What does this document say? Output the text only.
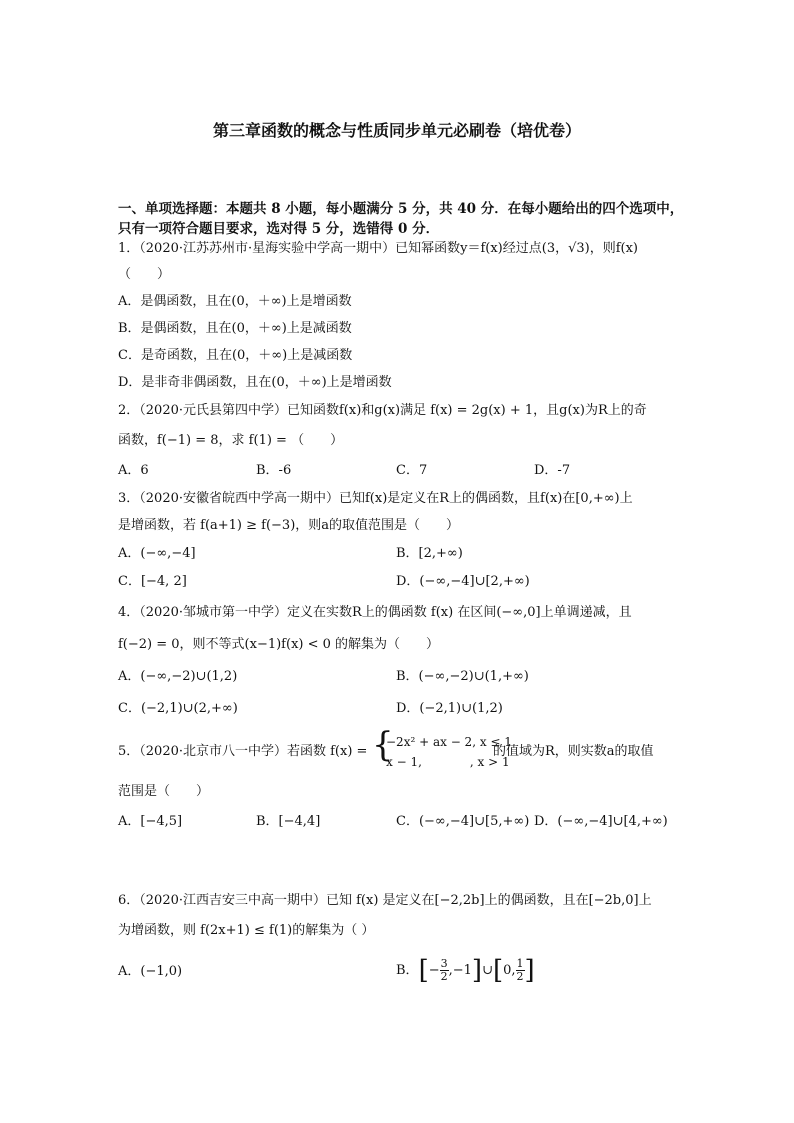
第三章函数的概念与性质同步单元必刷卷（培优卷）
一、单项选择题：本题共 8 小题，每小题满分 5 分，共 40 分．在每小题给出的四个选项中，
只有一项符合题目要求，选对得 5 分，选错得 0 分．
1．（2020·江苏苏州市·星海实验中学高一期中）已知幂函数y＝f(x)经过点(3，√3)，则f(x)
（　　）
A．是偶函数，且在(0，＋∞)上是增函数
B．是偶函数，且在(0，＋∞)上是减函数
C．是奇函数，且在(0，＋∞)上是减函数
D．是非奇非偶函数，且在(0，＋∞)上是增函数
2．（2020·元氏县第四中学）已知函数f(x)和g(x)满足 f(x) = 2g(x) + 1，且g(x)为R上的奇
函数，f(−1) = 8，求 f(1) = （　　）
A．6	B．-6	C．7	D．-7
3．（2020·安徽省皖西中学高一期中）已知f(x)是定义在R上的偶函数，且f(x)在[0,+∞)上
是增函数，若 f(a+1) ≥ f(−3)，则a的取值范围是（　　）
A．(−∞,−4]	B．[2,+∞)
C．[−4, 2]	D．(−∞,−4]∪[2,+∞)
4．（2020·邹城市第一中学）定义在实数R上的偶函数 f(x) 在区间(−∞,0]上单调递减，且
f(−2) = 0，则不等式(x−1)f(x) < 0 的解集为（　　）
A．(−∞,−2)∪(1,2)	B．(−∞,−2)∪(1,+∞)
C．(−2,1)∪(2,+∞)	D．(−2,1)∪(1,2)
5．（2020·北京市八一中学）若函数 f(x) = {
−2x² + ax − 2, x ≤ 1
x − 1,　　　　, x > 1
的值域为R，则实数a的取值
范围是（　　）
A．[−4,5]	B．[−4,4]	C．(−∞,−4]∪[5,+∞) D．(−∞,−4]∪[4,+∞)
6．（2020·江西吉安三中高一期中）已知 f(x) 是定义在[−2,2b]上的偶函数，且在[−2b,0]上
为增函数，则 f(2x+1) ≤ f(1)的解集为（ ）
A．(−1,0)	B．[− $\frac{3}{2}$ ,−1]∪[0, $\frac{1}{2}$ ]
